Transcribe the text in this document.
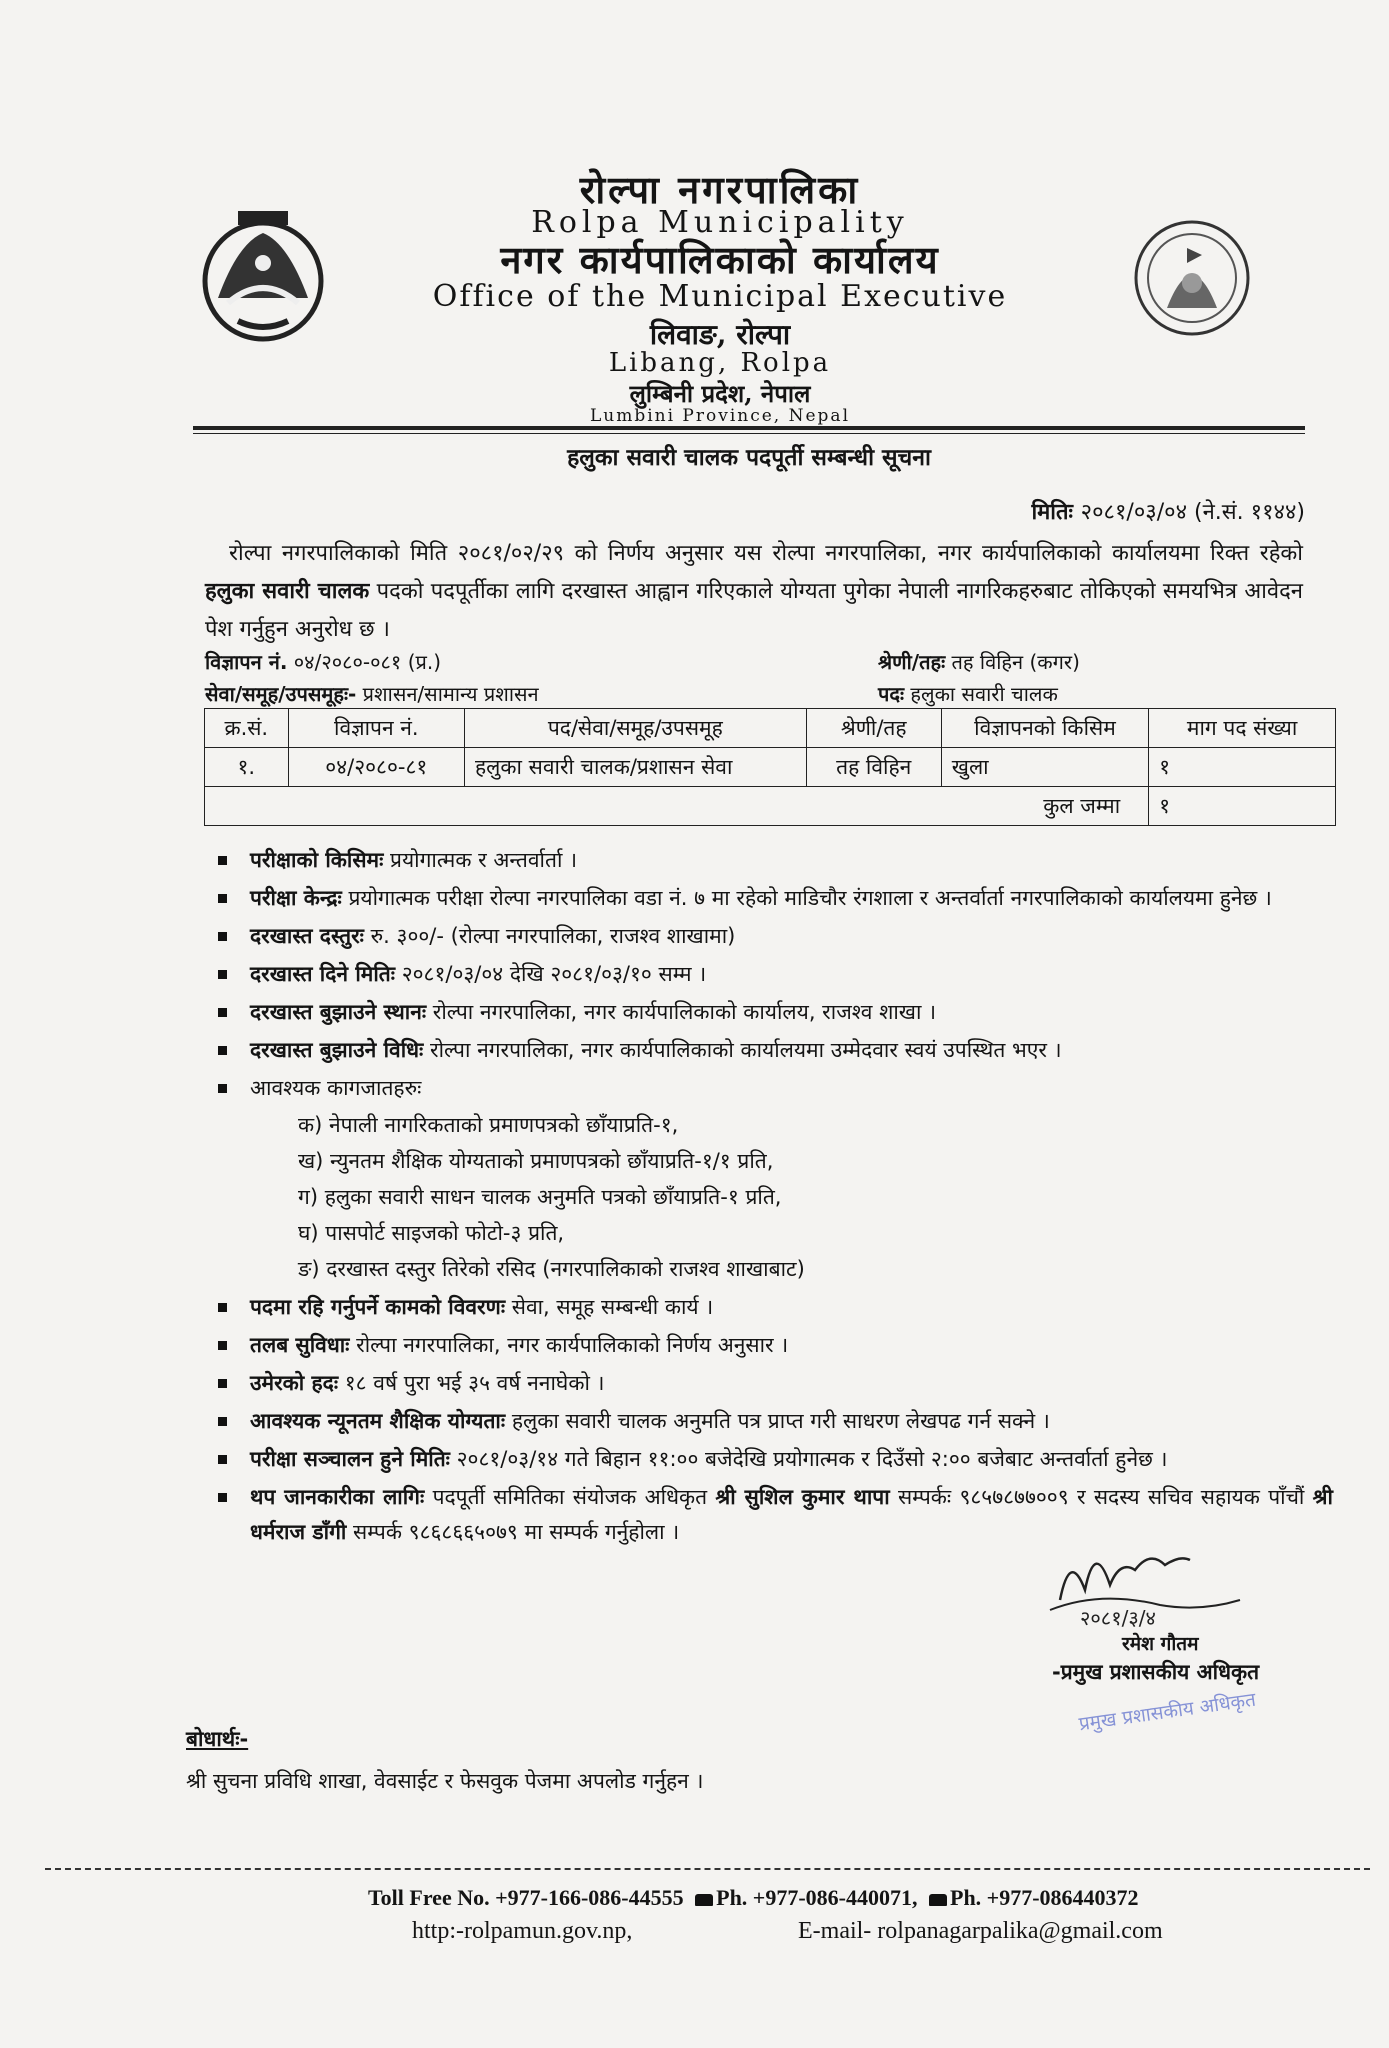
रोल्पा नगरपालिका
Rolpa Municipality
नगर कार्यपालिकाको कार्यालय
Office of the Municipal Executive
लिवाङ, रोल्पा
Libang, Rolpa
लुम्बिनी प्रदेश, नेपाल
Lumbini Province, Nepal
हलुका सवारी चालक पदपूर्ती सम्बन्धी सूचना
मितिः २०८१/०३/०४ (ने.सं. ११४४)
रोल्पा नगरपालिकाको मिति २०८१/०२/२९ को निर्णय अनुसार यस रोल्पा नगरपालिका, नगर कार्यपालिकाको कार्यालयमा रिक्त रहेको हलुका सवारी चालक पदको पदपूर्तीका लागि दरखास्त आह्वान गरिएकाले योग्यता पुगेका नेपाली नागरिकहरुबाट तोकिएको समयभित्र आवेदन पेश गर्नुहुन अनुरोध छ ।
विज्ञापन नं. ०४/२०८०-०८१ (प्र.)
सेवा/समूह/उपसमूहः- प्रशासन/सामान्य प्रशासन
श्रेणी/तहः तह विहिन (कगर)
पदः हलुका सवारी चालक
क्र.सं.	विज्ञापन नं.	पद/सेवा/समूह/उपसमूह	श्रेणी/तह	विज्ञापनको किसिम	माग पद संख्या
१.	०४/२०८०-८१	हलुका सवारी चालक/प्रशासन सेवा	तह विहिन	खुला	१
कुल जम्मा					१
परीक्षाको किसिमः प्रयोगात्मक र अन्तर्वार्ता ।
परीक्षा केन्द्रः प्रयोगात्मक परीक्षा रोल्पा नगरपालिका वडा नं. ७ मा रहेको माडिचौर रंगशाला र अन्तर्वार्ता नगरपालिकाको कार्यालयमा हुनेछ ।
दरखास्त दस्तुरः रु. ३००/- (रोल्पा नगरपालिका, राजश्व शाखामा)
दरखास्त दिने मितिः २०८१/०३/०४ देखि २०८१/०३/१० सम्म ।
दरखास्त बुझाउने स्थानः रोल्पा नगरपालिका, नगर कार्यपालिकाको कार्यालय, राजश्व शाखा ।
दरखास्त बुझाउने विधिः रोल्पा नगरपालिका, नगर कार्यपालिकाको कार्यालयमा उम्मेदवार स्वयं उपस्थित भएर ।
आवश्यक कागजातहरुः
क) नेपाली नागरिकताको प्रमाणपत्रको छाँयाप्रति-१,
ख) न्युनतम शैक्षिक योग्यताको प्रमाणपत्रको छाँयाप्रति-१/१ प्रति,
ग) हलुका सवारी साधन चालक अनुमति पत्रको छाँयाप्रति-१ प्रति,
घ) पासपोर्ट साइजको फोटो-३ प्रति,
ङ) दरखास्त दस्तुर तिरेको रसिद (नगरपालिकाको राजश्व शाखाबाट)
पदमा रहि गर्नुपर्ने कामको विवरणः सेवा, समूह सम्बन्धी कार्य ।
तलब सुविधाः रोल्पा नगरपालिका, नगर कार्यपालिकाको निर्णय अनुसार ।
उमेरको हदः १८ वर्ष पुरा भई ३५ वर्ष ननाघेको ।
आवश्यक न्यूनतम शैक्षिक योग्यताः हलुका सवारी चालक अनुमति पत्र प्राप्त गरी साधरण लेखपढ गर्न सक्ने ।
परीक्षा सञ्चालन हुने मितिः २०८१/०३/१४ गते बिहान ११:०० बजेदेखि प्रयोगात्मक र दिउँसो २:०० बजेबाट अन्तर्वार्ता हुनेछ ।
थप जानकारीका लागिः पदपूर्ती समितिका संयोजक अधिकृत श्री सुशिल कुमार थापा सम्पर्कः ९८५७८७७००९ र सदस्य सचिव सहायक पाँचौं श्री धर्मराज डाँगी सम्पर्क ९८६८६६५०७९ मा सम्पर्क गर्नुहोला ।
२०८१/३/४
रमेश गौतम
-प्रमुख प्रशासकीय अधिकृत
प्रमुख प्रशासकीय अधिकृत
बोधार्थः-
श्री सुचना प्रविधि शाखा, वेवसाईट र फेसवुक पेजमा अपलोड गर्नुहन ।
Toll Free No. +977-166-086-44555 Ph. +977-086-440071, Ph. +977-086440372
http:-rolpamun.gov.np,	E-mail- rolpanagarpalika@gmail.com
